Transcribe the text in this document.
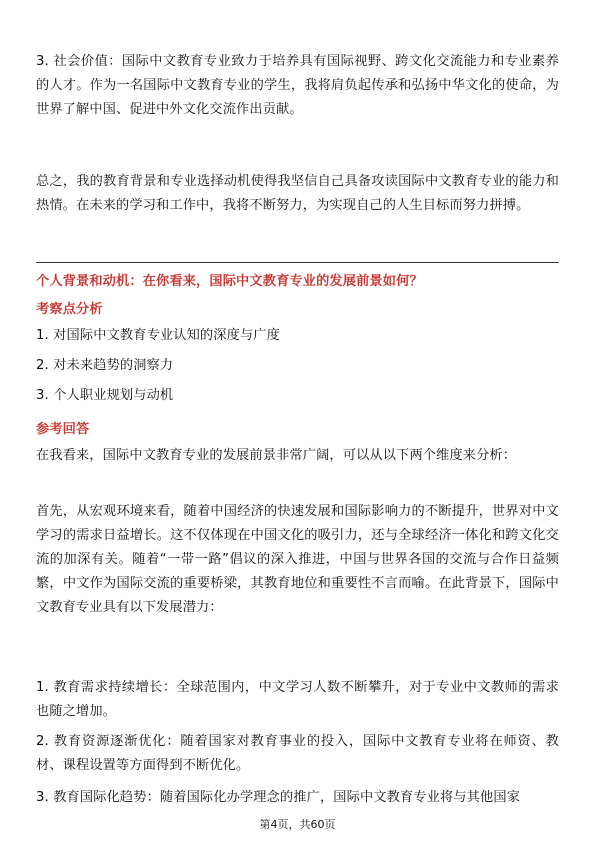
3. 社会价值：国际中文教育专业致力于培养具有国际视野、跨文化交流能力和专业素养的人才。作为一名国际中文教育专业的学生，我将肩负起传承和弘扬中华文化的使命，为世界了解中国、促进中外文化交流作出贡献。

总之，我的教育背景和专业选择动机使得我坚信自己具备攻读国际中文教育专业的能力和热情。在未来的学习和工作中，我将不断努力，为实现自己的人生目标而努力拼搏。

个人背景和动机：在你看来，国际中文教育专业的发展前景如何？

考察点分析

1. 对国际中文教育专业认知的深度与广度

2. 对未来趋势的洞察力

3. 个人职业规划与动机

参考回答

在我看来，国际中文教育专业的发展前景非常广阔，可以从以下两个维度来分析：

首先，从宏观环境来看，随着中国经济的快速发展和国际影响力的不断提升，世界对中文学习的需求日益增长。这不仅体现在中国文化的吸引力，还与全球经济一体化和跨文化交流的加深有关。随着“一带一路”倡议的深入推进，中国与世界各国的交流与合作日益频繁，中文作为国际交流的重要桥梁，其教育地位和重要性不言而喻。在此背景下，国际中文教育专业具有以下发展潜力：

1. 教育需求持续增长：全球范围内，中文学习人数不断攀升，对于专业中文教师的需求也随之增加。

2. 教育资源逐渐优化：随着国家对教育事业的投入，国际中文教育专业将在师资、教材、课程设置等方面得到不断优化。

3. 教育国际化趋势：随着国际化办学理念的推广，国际中文教育专业将与其他国家

第4页，共60页
